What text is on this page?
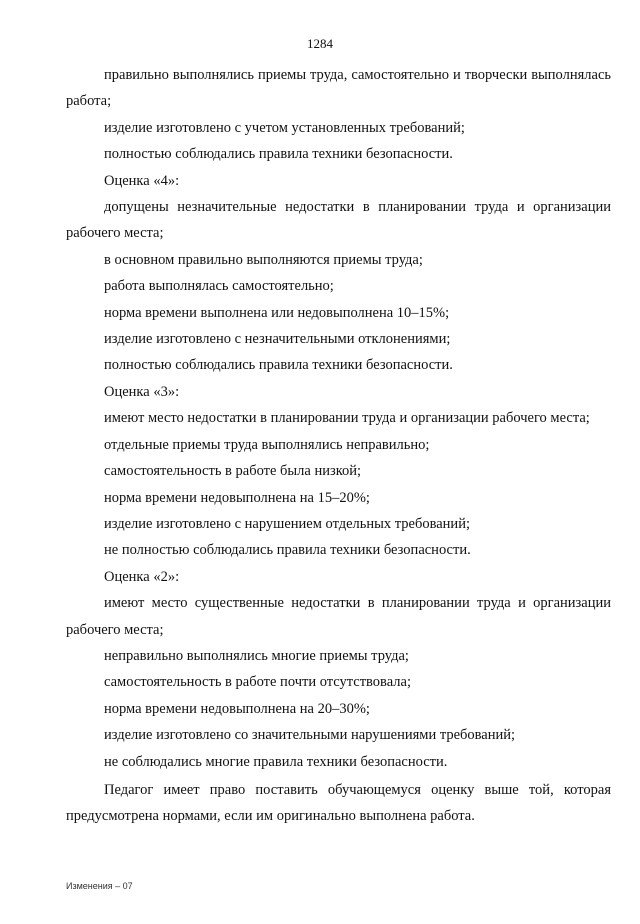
1284

правильно выполнялись приемы труда, самостоятельно и творчески выполнялась работа;

изделие изготовлено с учетом установленных требований;

полностью соблюдались правила техники безопасности.

Оценка «4»:

допущены незначительные недостатки в планировании труда и организации рабочего места;

в основном правильно выполняются приемы труда;

работа выполнялась самостоятельно;

норма времени выполнена или недовыполнена 10–15%;

изделие изготовлено с незначительными отклонениями;

полностью соблюдались правила техники безопасности.

Оценка «3»:

имеют место недостатки в планировании труда и организации рабочего места;

отдельные приемы труда выполнялись неправильно;

самостоятельность в работе была низкой;

норма времени недовыполнена на 15–20%;

изделие изготовлено с нарушением отдельных требований;

не полностью соблюдались правила техники безопасности.

Оценка «2»:

имеют место существенные недостатки в планировании труда и организации рабочего места;

неправильно выполнялись многие приемы труда;

самостоятельность в работе почти отсутствовала;

норма времени недовыполнена на 20–30%;

изделие изготовлено со значительными нарушениями требований;

не соблюдались многие правила техники безопасности.

Педагог имеет право поставить обучающемуся оценку выше той, которая предусмотрена нормами, если им оригинально выполнена работа.

Изменения – 07
